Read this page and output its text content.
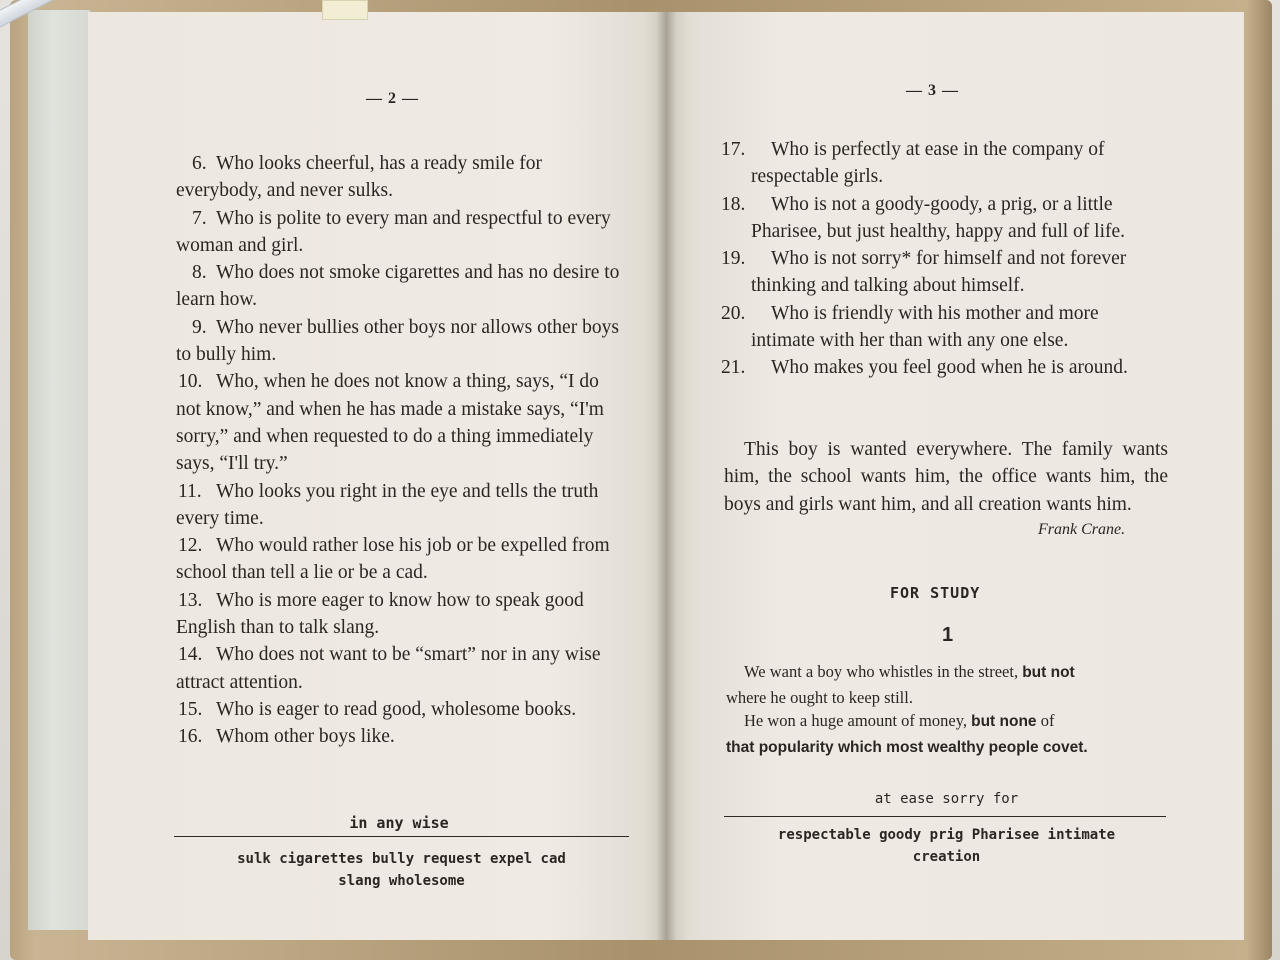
— 2 —
Who looks cheerful, has a ready smile for everybody, and never sulks.
6.
Who is polite to every man and respectful to every woman and girl.
7.
Who does not smoke cigarettes and has no desire to learn how.
8.
Who never bullies other boys nor allows other boys to bully him.
9.
Who, when he does not know a thing, says, “I do not know,” and when he has made a mistake says, “I'm sorry,” and when requested to do a thing immediately says, “I'll try.”
10.
Who looks you right in the eye and tells the truth every time.
11.
Who would rather lose his job or be expelled from school than tell a lie or be a cad.
12.
Who is more eager to know how to speak good English than to talk slang.
13.
Who does not want to be “smart” nor in any wise attract attention.
14.
Who is eager to read good, wholesome books.
15.
Whom other boys like.
16.
in any wise
sulk cigarettes bully request expel cad
slang wholesome
— 3 —
Who is perfectly at ease in the company of respectable girls.
17.
Who is not a goody-goody, a prig, or a little Pharisee, but just healthy, happy and full of life.
18.
Who is not sorry* for himself and not forever thinking and talking about himself.
19.
Who is friendly with his mother and more intimate with her than with any one else.
20.
Who makes you feel good when he is around.
21.
This boy is wanted everywhere. The family wants him, the school wants him, the office wants him, the boys and girls want him, and all creation wants him.
Frank Crane.
FOR STUDY
1
We want a boy who whistles in the street, but not
where he ought to keep still.
He won a huge amount of money, but none of
that popularity which most wealthy people covet.
at ease sorry for
respectable goody prig Pharisee intimate
creation
